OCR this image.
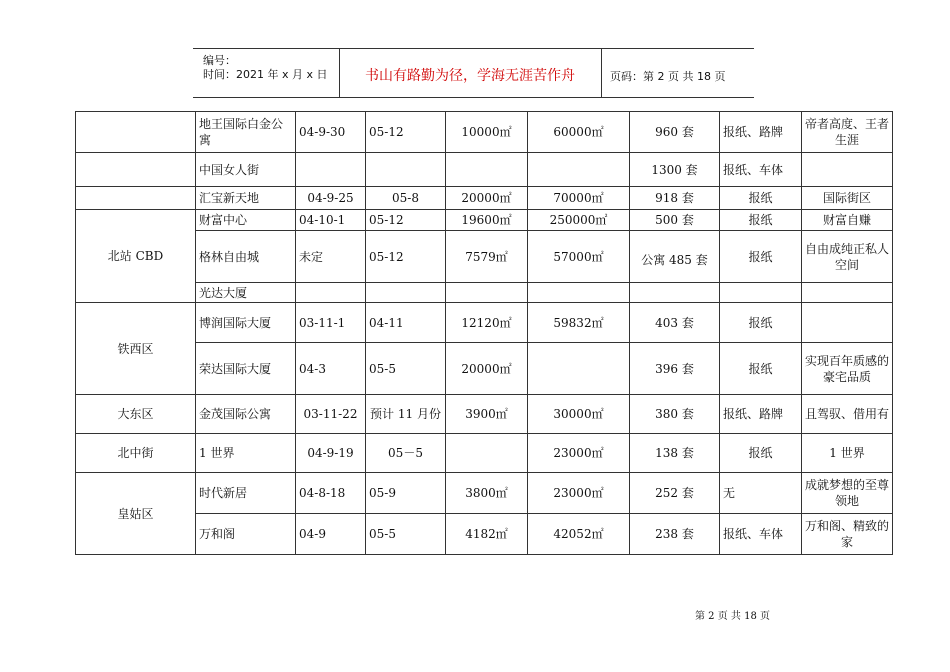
编号：
时间：2021 年 x 月 x 日	书山有路勤为径，学海无涯苦作舟	页码：第 2 页 共 18 页
	地王国际白金公寓	04-9-30	05-12	10000㎡	60000㎡	960 套	报纸、路牌	帝者高度、王者生涯
	中国女人街					1300 套	报纸、车体	
	汇宝新天地	04-9-25	05-8	20000㎡	70000㎡	918 套	报纸	国际街区
北站 CBD	财富中心	04-10-1	05-12	19600㎡	250000㎡	500 套	报纸	财富自赚
	格林自由城	未定	05-12	7579㎡	57000㎡	公寓 485 套	报纸	自由成纯正私人空间
	光达大厦							
铁西区	博润国际大厦	03-11-1	04-11	12120㎡	59832㎡	403 套	报纸	
	荣达国际大厦	04-3	05-5	20000㎡		396 套	报纸	实现百年质感的豪宅品质
大东区	金茂国际公寓	03-11-22	预计 11 月份	3900㎡	30000㎡	380 套	报纸、路牌	且驾驭、借用有
北中街	1 世界	04-9-19	05－5		23000㎡	138 套	报纸	1 世界
皇姑区	时代新居	04-8-18	05-9	3800㎡	23000㎡	252 套	无	成就梦想的至尊领地
	万和阁	04-9	05-5	4182㎡	42052㎡	238 套	报纸、车体	万和阁、精致的家
第 2 页 共 18 页
